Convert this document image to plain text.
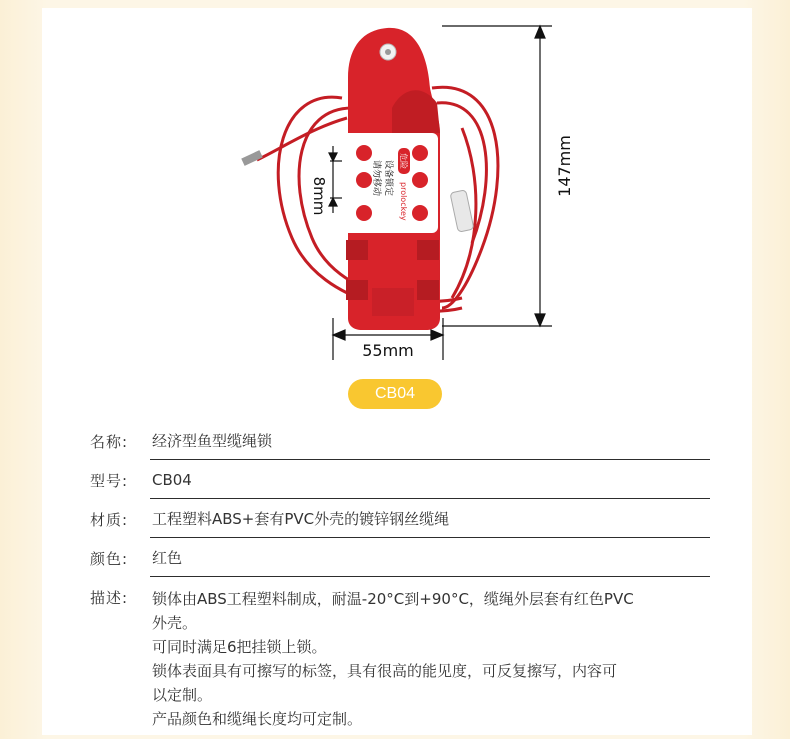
危险
prolockey
设备锁定
请勿移动	147mm
55mm
8mm
CB04
名称:	经济型鱼型缆绳锁
型号:	CB04
材质:	工程塑料ABS+套有PVC外壳的镀锌钢丝缆绳
颜色:	红色
描述:	锁体由ABS工程塑料制成，耐温-20°C到+90°C，缆绳外层套有红色PVC
外壳。
可同时满足6把挂锁上锁。
锁体表面具有可擦写的标签，具有很高的能见度，可反复擦写，内容可
以定制。
产品颜色和缆绳长度均可定制。
